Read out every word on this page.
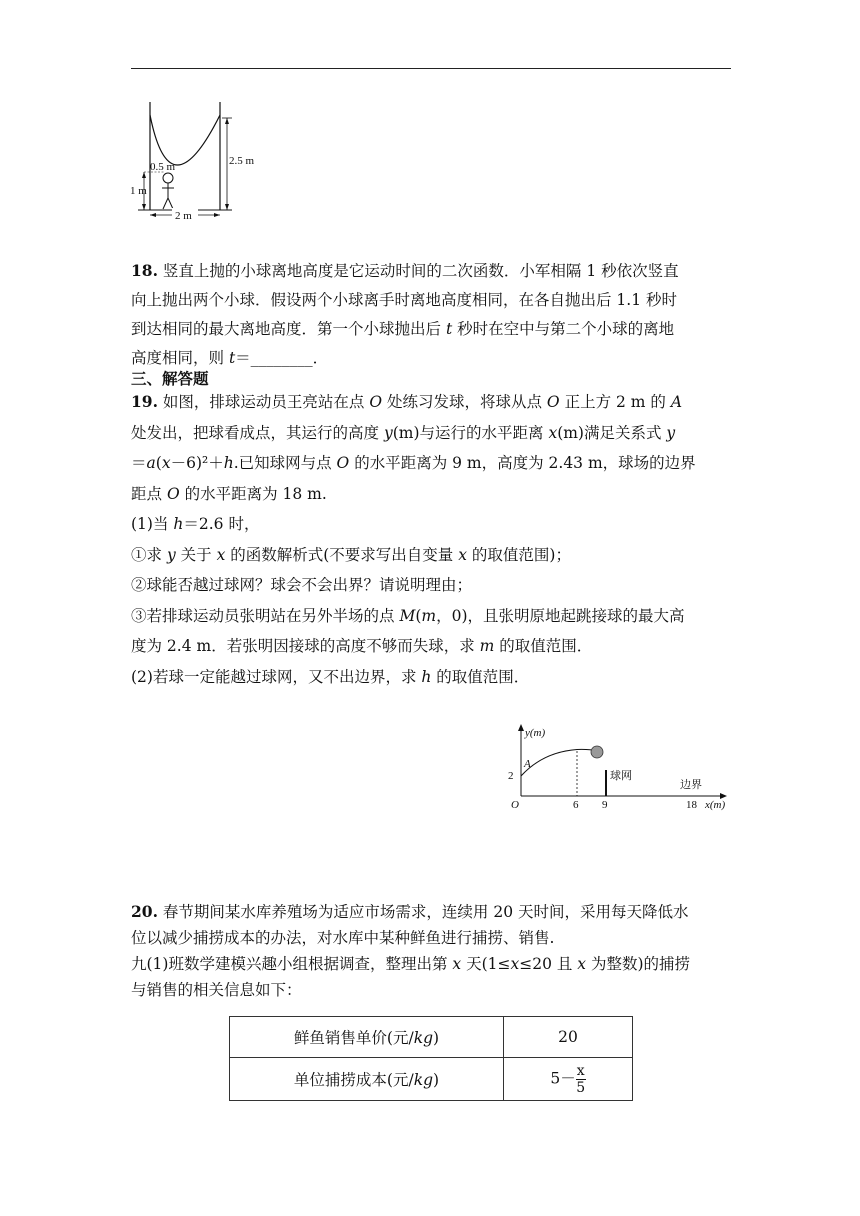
2.5 m
0.5 m
1 m
2 m
18. 竖直上抛的小球离地高度是它运动时间的二次函数．小军相隔 1 秒依次竖直
向上抛出两个小球．假设两个小球离手时离地高度相同，在各自抛出后 1.1 秒时
到达相同的最大离地高度．第一个小球抛出后 t 秒时在空中与第二个小球的离地
高度相同，则 t＝________．
三、解答题
19. 如图，排球运动员王亮站在点 O 处练习发球，将球从点 O 正上方 2 m 的 A
处发出，把球看成点，其运行的高度 y(m)与运行的水平距离 x(m)满足关系式 y
＝a(x－6)²＋h.已知球网与点 O 的水平距离为 9 m，高度为 2.43 m，球场的边界
距点 O 的水平距离为 18 m.
(1)当 h＝2.6 时，
①求 y 关于 x 的函数解析式(不要求写出自变量 x 的取值范围)；
②球能否越过球网？球会不会出界？请说明理由；
③若排球运动员张明站在另外半场的点 M(m，0)，且张明原地起跳接球的最大高
度为 2.4 m．若张明因接球的高度不够而失球，求 m 的取值范围．
(2)若球一定能越过球网，又不出边界，求 h 的取值范围．
y(m)
x(m)
O
2
A
球网
边界
6 9	18
20. 春节期间某水库养殖场为适应市场需求，连续用 20 天时间，采用每天降低水
位以减少捕捞成本的办法，对水库中某种鲜鱼进行捕捞、销售.
九(1)班数学建模兴趣小组根据调查，整理出第 x 天(1≤x≤20 且 x 为整数)的捕捞
与销售的相关信息如下：
鲜鱼销售单价(元/kg)	20
单位捕捞成本(元/kg)	$5- \frac{x}{5}$
